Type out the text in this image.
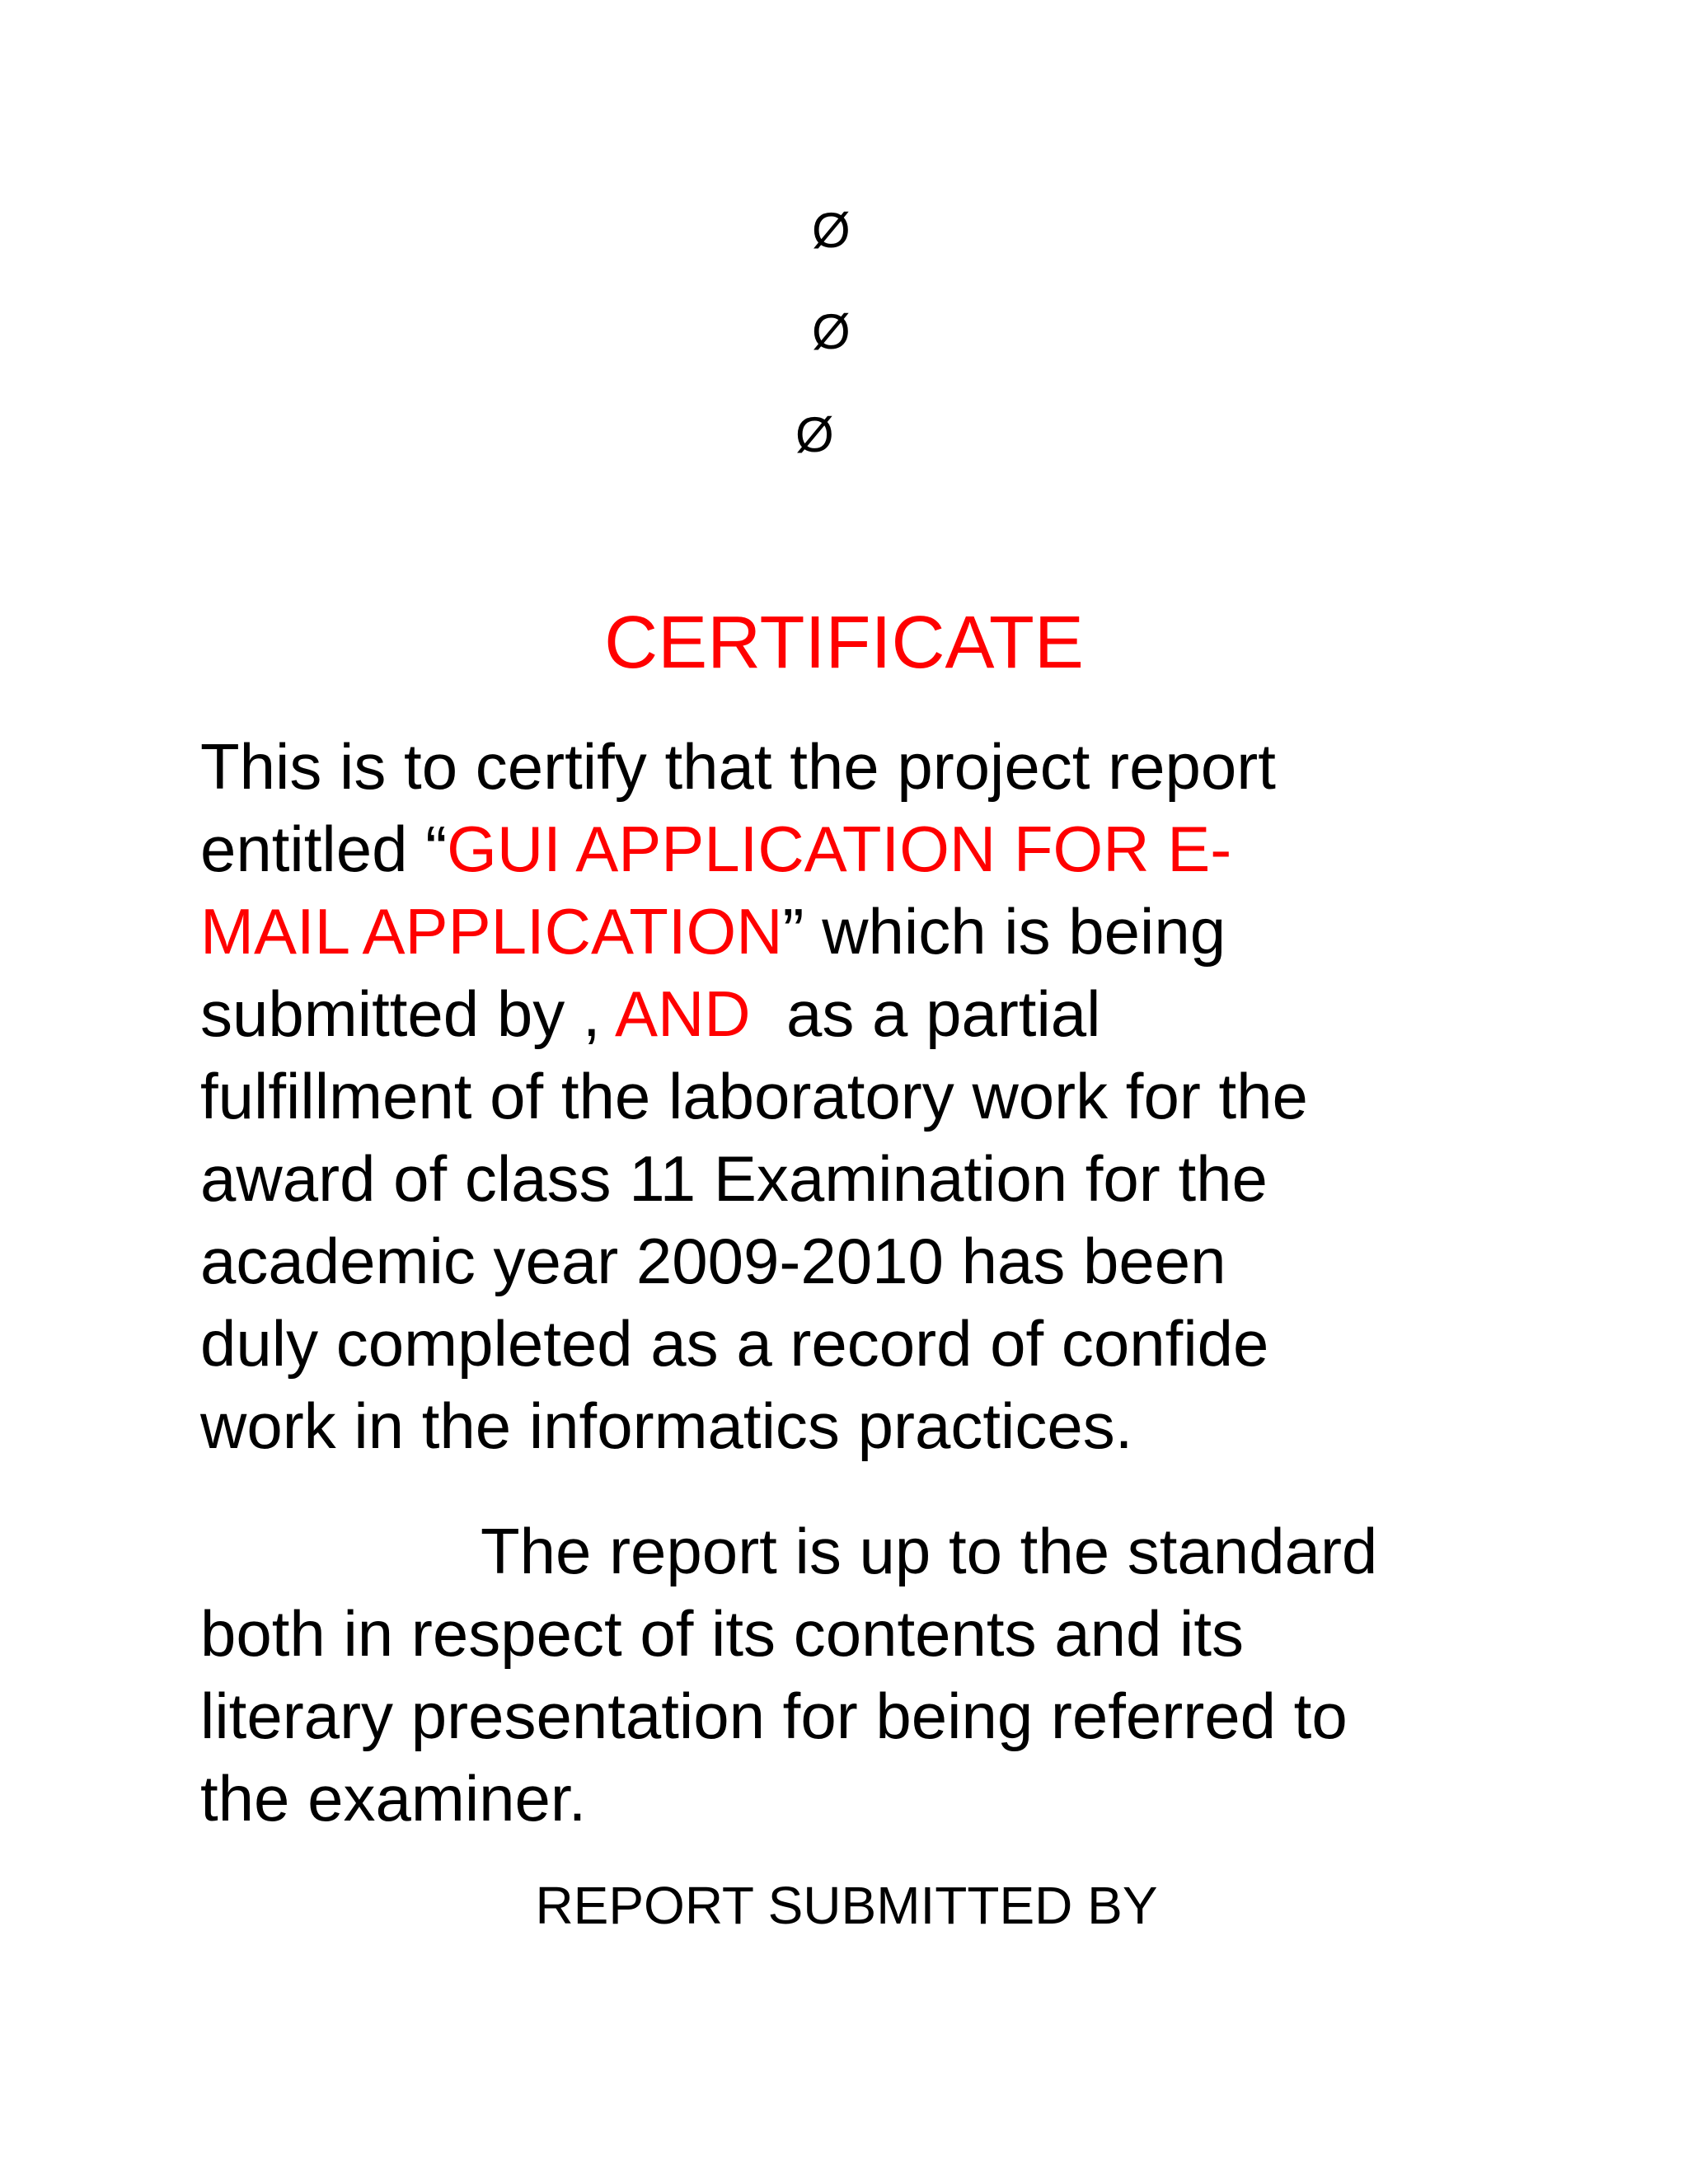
Ø
Ø
Ø
CERTIFICATE

This is to certify that the project report
entitled “GUI APPLICATION FOR E-
MAIL APPLICATION” which is being
submitted by , AND  as a partial
fulfillment of the laboratory work for the
award of class 11 Examination for the
academic year 2009-2010 has been
duly completed as a record of confide
work in the informatics practices.

The report is up to the standard
both in respect of its contents and its
literary presentation for being referred to
the examiner.

REPORT SUBMITTED BY
